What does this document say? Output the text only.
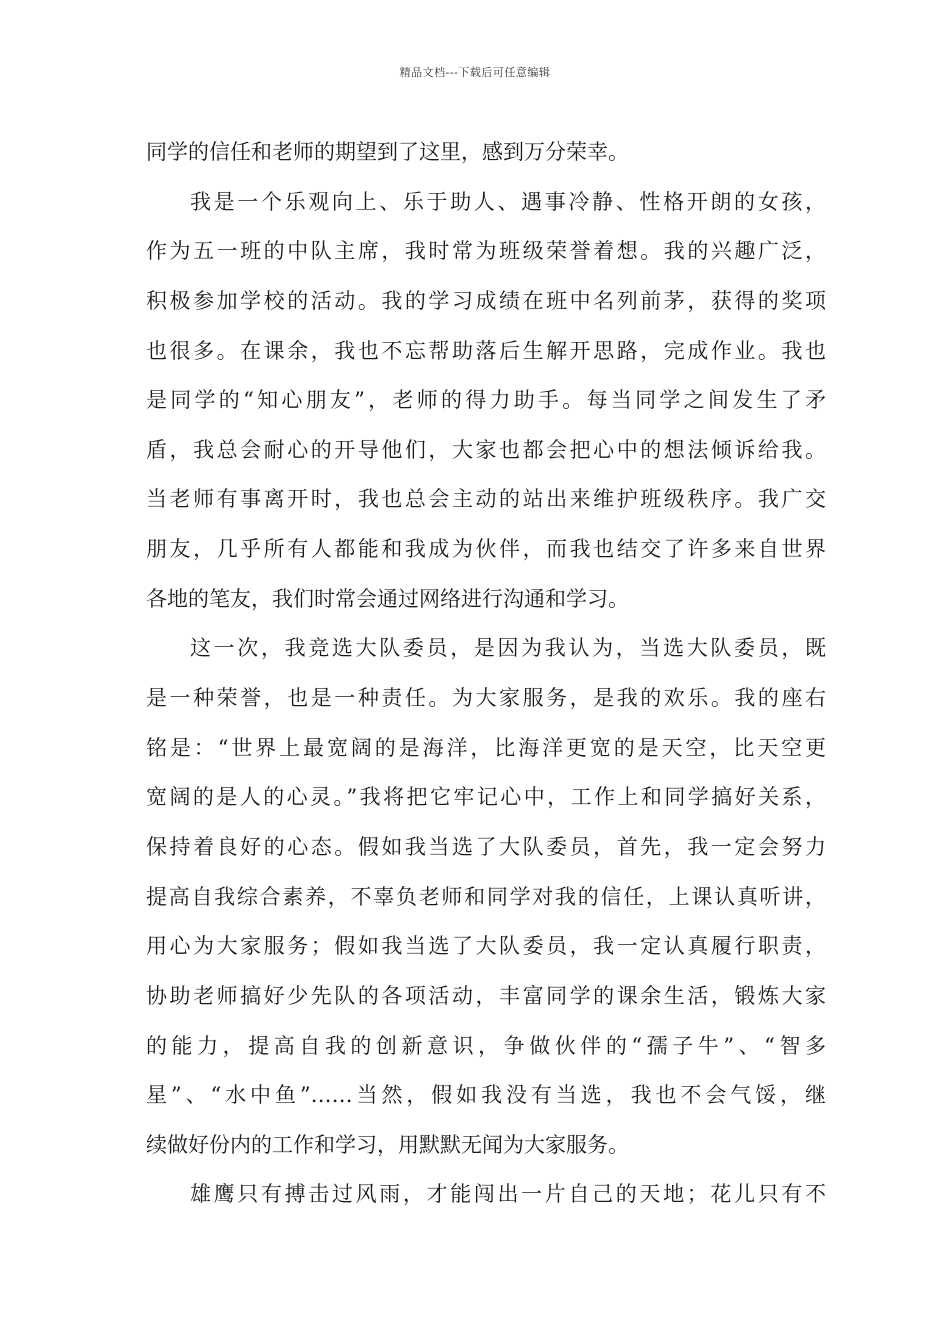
精品文档---下载后可任意编辑
同学的信任和老师的期望到了这里，感到万分荣幸。
我是一个乐观向上、乐于助人、遇事冷静、性格开朗的女孩，
作为五一班的中队主席，我时常为班级荣誉着想。我的兴趣广泛，
积极参加学校的活动。我的学习成绩在班中名列前茅，获得的奖项
也很多。在课余，我也不忘帮助落后生解开思路，完成作业。我也
是同学的“知心朋友”，老师的得力助手。每当同学之间发生了矛
盾，我总会耐心的开导他们，大家也都会把心中的想法倾诉给我。
当老师有事离开时，我也总会主动的站出来维护班级秩序。我广交
朋友，几乎所有人都能和我成为伙伴，而我也结交了许多来自世界
各地的笔友，我们时常会通过网络进行沟通和学习。
这一次，我竞选大队委员，是因为我认为，当选大队委员，既
是一种荣誉，也是一种责任。为大家服务，是我的欢乐。我的座右
铭是：“世界上最宽阔的是海洋，比海洋更宽的是天空，比天空更
宽阔的是人的心灵。”我将把它牢记心中，工作上和同学搞好关系，
保持着良好的心态。假如我当选了大队委员，首先，我一定会努力
提高自我综合素养，不辜负老师和同学对我的信任，上课认真听讲，
用心为大家服务；假如我当选了大队委员，我一定认真履行职责，
协助老师搞好少先队的各项活动，丰富同学的课余生活，锻炼大家
的能力，提高自我的创新意识，争做伙伴的“孺子牛”、“智多
星”、“水中鱼”……当然，假如我没有当选，我也不会气馁，继
续做好份内的工作和学习，用默默无闻为大家服务。
雄鹰只有搏击过风雨，才能闯出一片自己的天地；花儿只有不
